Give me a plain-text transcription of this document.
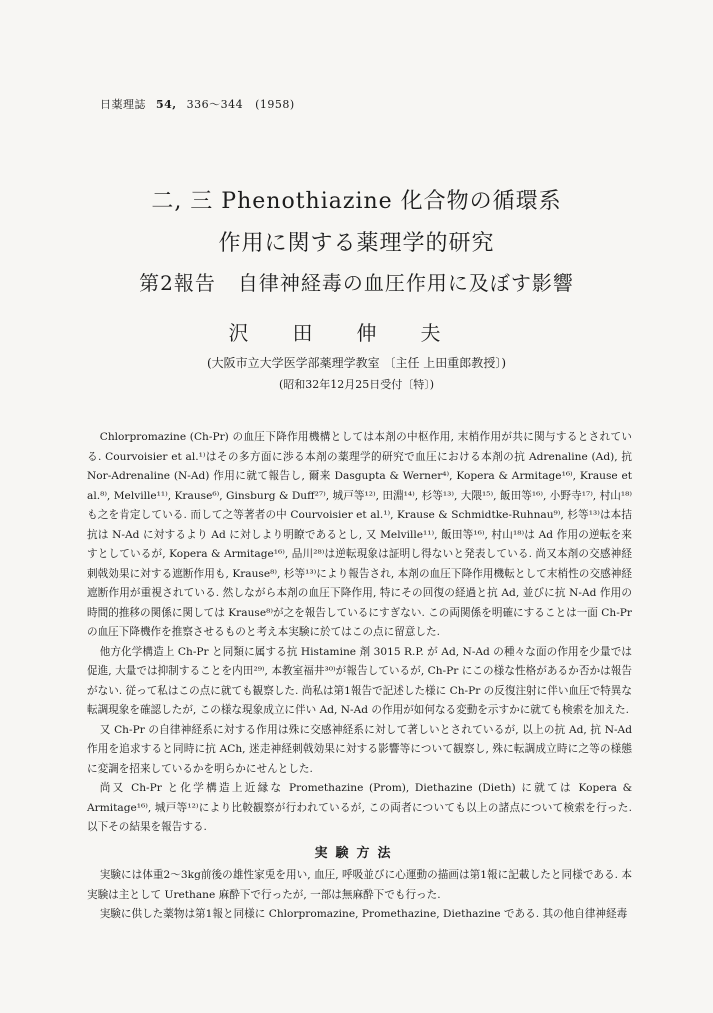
日薬理誌 54, 336～344 (1958)
二, 三 Phenothiazine 化合物の循環系
作用に関する薬理学的研究
第2報告 自律神経毒の血圧作用に及ぼす影響
沢田伸夫
(大阪市立大学医学部薬理学教室 〔主任 上田重郎教授〕)
(昭和32年12月25日受付〔特〕)

Chlorpromazine (Ch-Pr) の血圧下降作用機構としては本剤の中枢作用, 末梢作用が共に関与するとされている. Courvoisier et al.¹⁾はその多方面に渉る本剤の薬理学的研究で血圧における本剤の抗 Adrenaline (Ad), 抗 Nor-Adrenaline (N-Ad) 作用に就て報告し, 爾来 Dasgupta & Werner⁴⁾, Kopera & Armitage¹⁶⁾, Krause et al.⁸⁾, Melville¹¹⁾, Krause⁶⁾, Ginsburg & Duff²⁷⁾, 城戸等¹²⁾, 田淵¹⁴⁾, 杉等¹³⁾, 大隈¹⁵⁾, 飯田等¹⁶⁾, 小野寺¹⁷⁾, 村山¹⁸⁾も之を肯定している. 而して之等著者の中 Courvoisier et al.¹⁾, Krause & Schmidtke-Ruhnau⁹⁾, 杉等¹³⁾は本拮抗は N-Ad に対するより Ad に対しより明瞭であるとし, 又 Melville¹¹⁾, 飯田等¹⁶⁾, 村山¹⁸⁾は Ad 作用の逆転を来すとしているが, Kopera & Armitage¹⁶⁾, 品川²⁸⁾は逆転現象は証明し得ないと発表している. 尚又本剤の交感神経刺戟効果に対する遮断作用も, Krause⁸⁾, 杉等¹³⁾により報告され, 本剤の血圧下降作用機転として末梢性の交感神経遮断作用が重視されている. 然しながら本剤の血圧下降作用, 特にその回復の経過と抗 Ad, 並びに抗 N-Ad 作用の時間的推移の関係に関しては Krause⁸⁾が之を報告しているにすぎない. この両関係を明確にすることは一面 Ch-Pr の血圧下降機作を推察させるものと考え本実験に於てはこの点に留意した.

他方化学構造上 Ch-Pr と同類に属する抗 Histamine 剤 3015 R.P. が Ad, N-Ad の種々な面の作用を少量では促進, 大量では抑制することを内田²⁹⁾, 本教室福井³⁰⁾が報告しているが, Ch-Pr にこの様な性格があるか否かは報告がない. 従って私はこの点に就ても観察した. 尚私は第1報告で記述した様に Ch-Pr の反復注射に伴い血圧で特異な転調現象を確認したが, この様な現象成立に伴い Ad, N-Ad の作用が如何なる変動を示すかに就ても検索を加えた.

又 Ch-Pr の自律神経系に対する作用は殊に交感神経系に対して著しいとされているが, 以上の抗 Ad, 抗 N-Ad 作用を追求すると同時に抗 ACh, 迷走神経刺戟効果に対する影響等について観察し, 殊に転調成立時に之等の様態に変調を招来しているかを明らかにせんとした.

尚又 Ch-Pr と化学構造上近縁な Promethazine (Prom), Diethazine (Dieth) に就ては Kopera & Armitage¹⁶⁾, 城戸等¹²⁾により比較観察が行われているが, この両者についても以上の諸点について検索を行った. 以下その結果を報告する.

実験方法

実験には体重2～3kg前後の雄性家兎を用い, 血圧, 呼吸並びに心運動の描画は第1報に記載したと同様である. 本実験は主として Urethane 麻酔下で行ったが, 一部は無麻酔下でも行った.

実験に供した薬物は第1報と同様に Chlorpromazine, Promethazine, Diethazine である. 其の他自律神経毒
